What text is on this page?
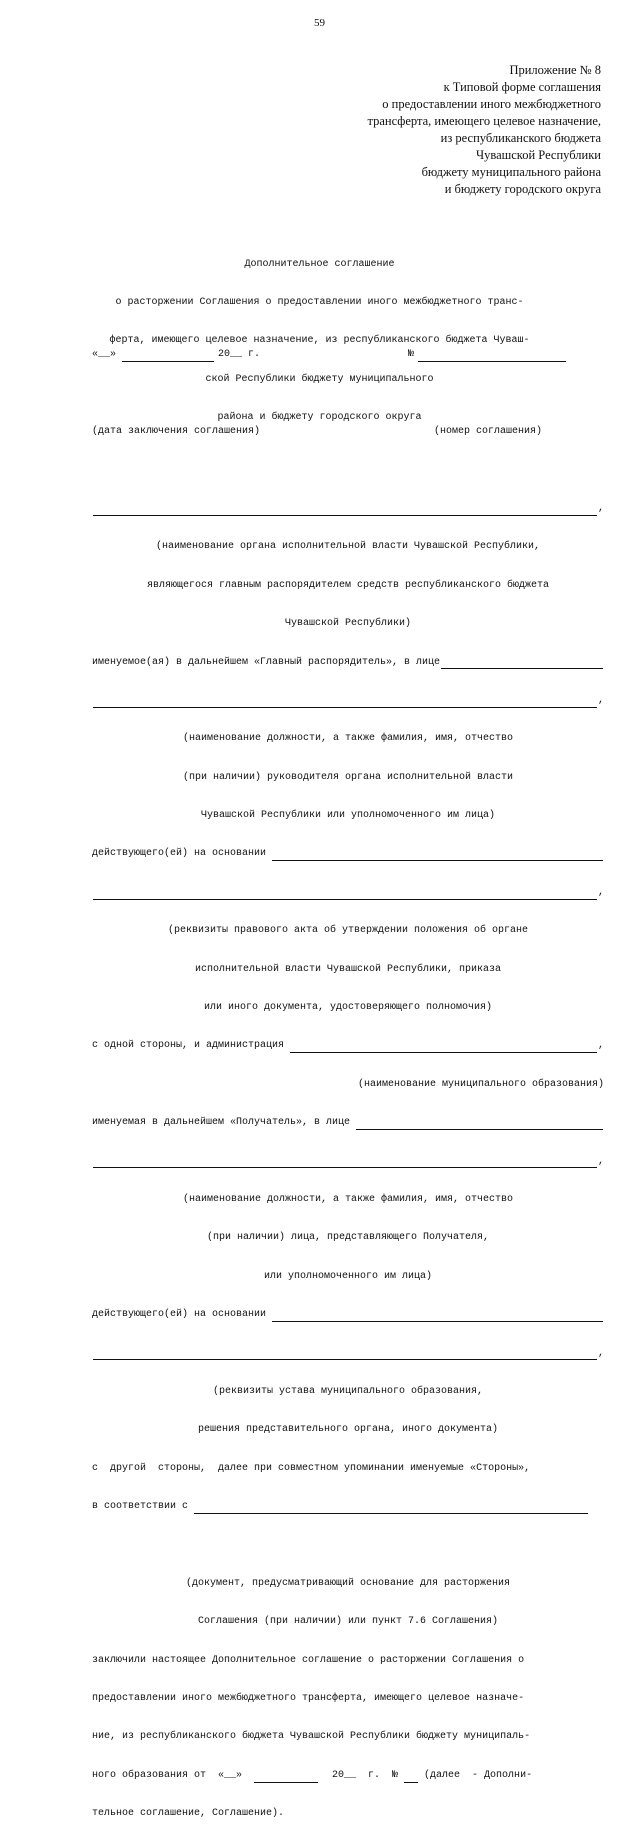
59
Приложение № 8
к Типовой форме соглашения
о предоставлении иного межбюджетного
трансферта, имеющего целевое назначение,
из республиканского бюджета
Чувашской Республики
бюджету муниципального района
и бюджету городского округа

Дополнительное соглашение

о расторжении Соглашения о предоставлении иного межбюджетного транс-

ферта, имеющего целевое назначение, из республиканского бюджета Чуваш-

ской Республики бюджету муниципального

района и бюджету городского округа

«__»	20__ г.	№

(дата заключения соглашения)	(номер соглашения)

,

(наименование органа исполнительной власти Чувашской Республики,

являющегося главным распорядителем средств республиканского бюджета

Чувашской Республики)

именуемое(ая) в дальнейшем «Главный распорядитель», в лице

,

(наименование должности, а также фамилия, имя, отчество

(при наличии) руководителя органа исполнительной власти

Чувашской Республики или уполномоченного им лица)

действующего(ей) на основании

,

(реквизиты правового акта об утверждении положения об органе

исполнительной власти Чувашской Республики, приказа

или иного документа, удостоверяющего полномочия)

с одной стороны, и администрация	,

(наименование муниципального образования)

именуемая в дальнейшем «Получатель», в лице

,

(наименование должности, а также фамилия, имя, отчество

(при наличии) лица, представляющего Получателя,

или уполномоченного им лица)

действующего(ей) на основании

,

(реквизиты устава муниципального образования,

решения представительного органа, иного документа)

с  другой  стороны,  далее при совместном упоминании именуемые «Стороны»,

в соответствии с

(документ, предусматривающий основание для расторжения

Соглашения (при наличии) или пункт 7.6 Соглашения)

заключили настоящее Дополнительное соглашение о расторжении Соглашения о

предоставлении иного межбюджетного трансферта, имеющего целевое назначе-

ние, из республиканского бюджета Чувашской Республики бюджету муниципаль-

ного образования от  «__»	20__  г.  №	(далее  - Дополни-

тельное соглашение, Соглашение).
